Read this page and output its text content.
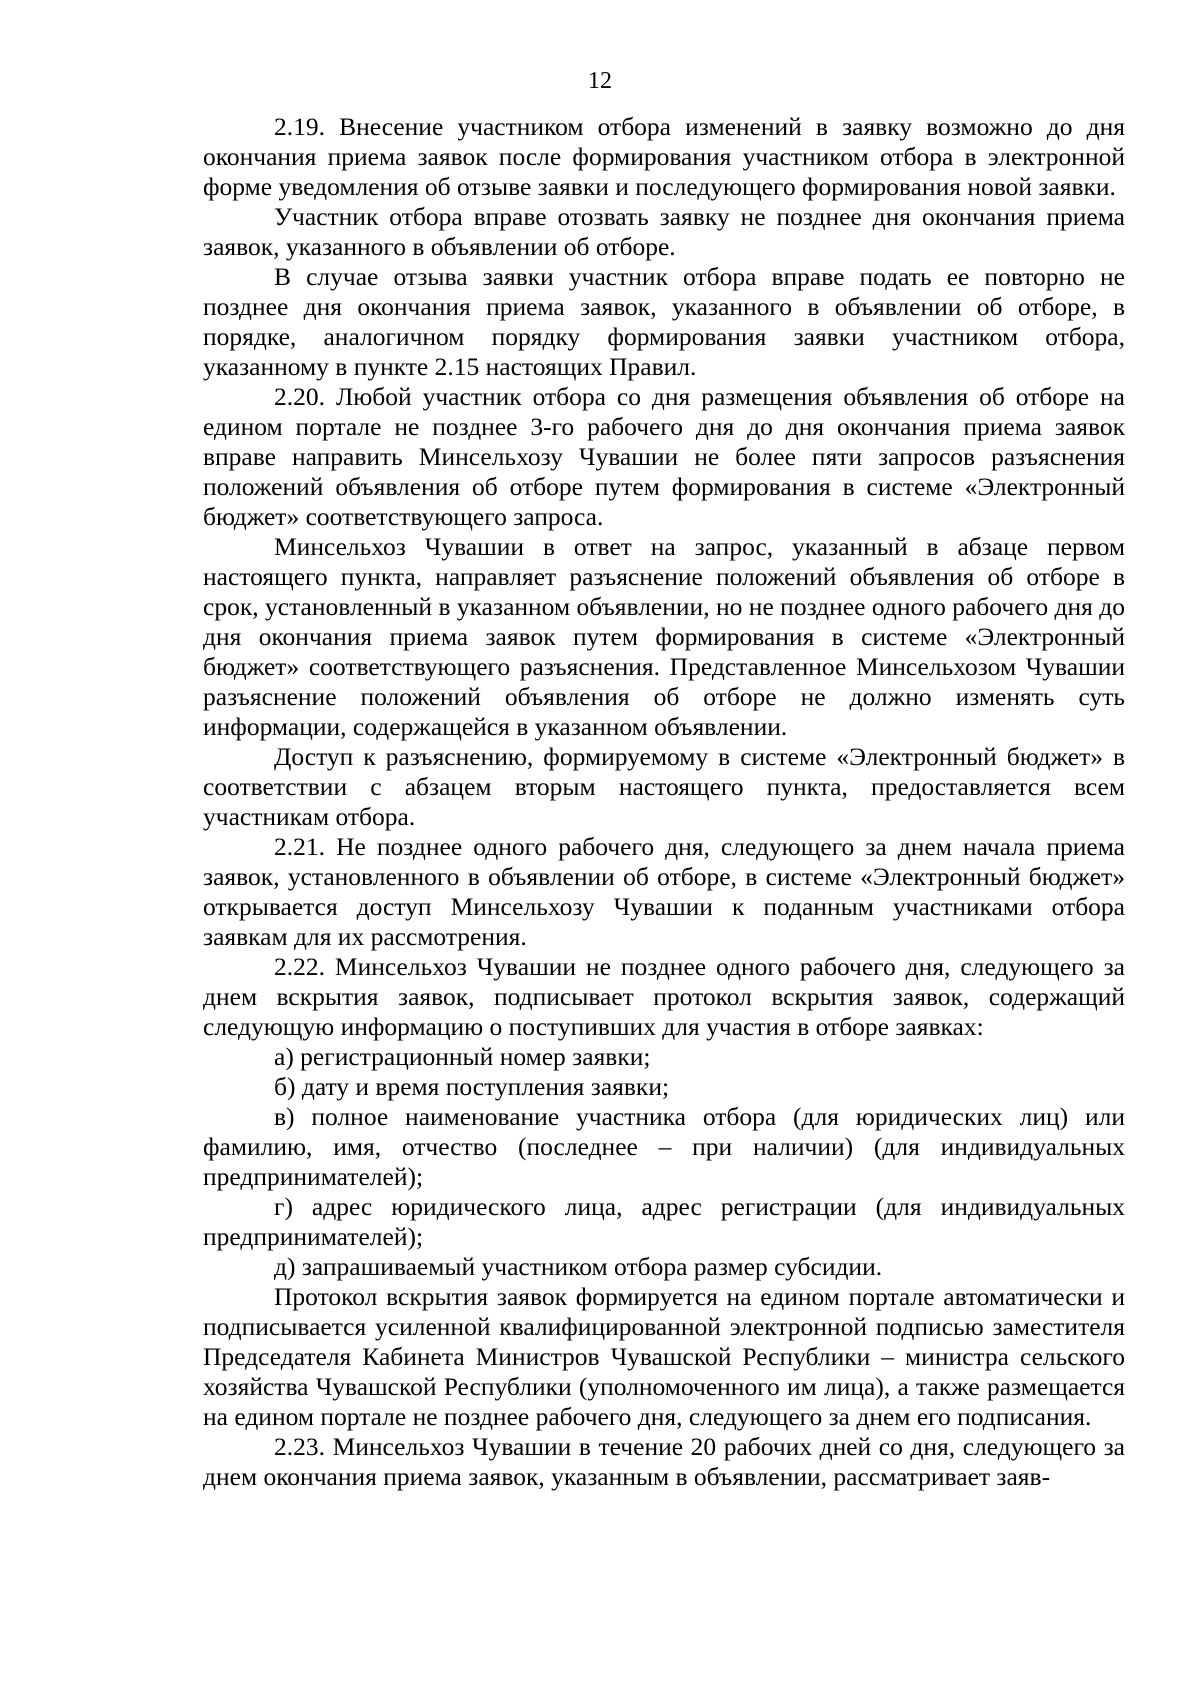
12

2.19. Внесение участником отбора изменений в заявку возможно до дня окончания приема заявок после формирования участником отбора в электронной форме уведомления об отзыве заявки и последующего формирования новой заявки.

Участник отбора вправе отозвать заявку не позднее дня окончания приема заявок, указанного в объявлении об отборе.

В случае отзыва заявки участник отбора вправе подать ее повторно не позднее дня окончания приема заявок, указанного в объявлении об отборе, в порядке, аналогичном порядку формирования заявки участником отбора, указанному в пункте 2.15 настоящих Правил.

2.20. Любой участник отбора со дня размещения объявления об отборе на едином портале не позднее 3-го рабочего дня до дня окончания приема заявок вправе направить Минсельхозу Чувашии не более пяти запросов разъяснения положений объявления об отборе путем формирования в системе «Электронный бюджет» соответствующего запроса.

Минсельхоз Чувашии в ответ на запрос, указанный в абзаце первом настоящего пункта, направляет разъяснение положений объявления об отборе в срок, установленный в указанном объявлении, но не позднее одного рабочего дня до дня окончания приема заявок путем формирования в системе «Электронный бюджет» соответствующего разъяснения. Представленное Минсельхозом Чувашии разъяснение положений объявления об отборе не должно изменять суть информации, содержащейся в указанном объявлении.

Доступ к разъяснению, формируемому в системе «Электронный бюджет» в соответствии с абзацем вторым настоящего пункта, предоставляется всем участникам отбора.

2.21. Не позднее одного рабочего дня, следующего за днем начала приема заявок, установленного в объявлении об отборе, в системе «Электронный бюджет» открывается доступ Минсельхозу Чувашии к поданным участниками отбора заявкам для их рассмотрения.

2.22. Минсельхоз Чувашии не позднее одного рабочего дня, следующего за днем вскрытия заявок, подписывает протокол вскрытия заявок, содержащий следующую информацию о поступивших для участия в отборе заявках:

а) регистрационный номер заявки;

б) дату и время поступления заявки;

в) полное наименование участника отбора (для юридических лиц) или фамилию, имя, отчество (последнее – при наличии) (для индивидуальных предпринимателей);

г) адрес юридического лица, адрес регистрации (для индивидуальных предпринимателей);

д) запрашиваемый участником отбора размер субсидии.

Протокол вскрытия заявок формируется на едином портале автоматически и подписывается усиленной квалифицированной электронной подписью заместителя Председателя Кабинета Министров Чувашской Республики – министра сельского хозяйства Чувашской Республики (уполномоченного им лица), а также размещается на едином портале не позднее рабочего дня, следующего за днем его подписания.

2.23. Минсельхоз Чувашии в течение 20 рабочих дней со дня, следующего за днем окончания приема заявок, указанным в объявлении, рассматривает заяв-
